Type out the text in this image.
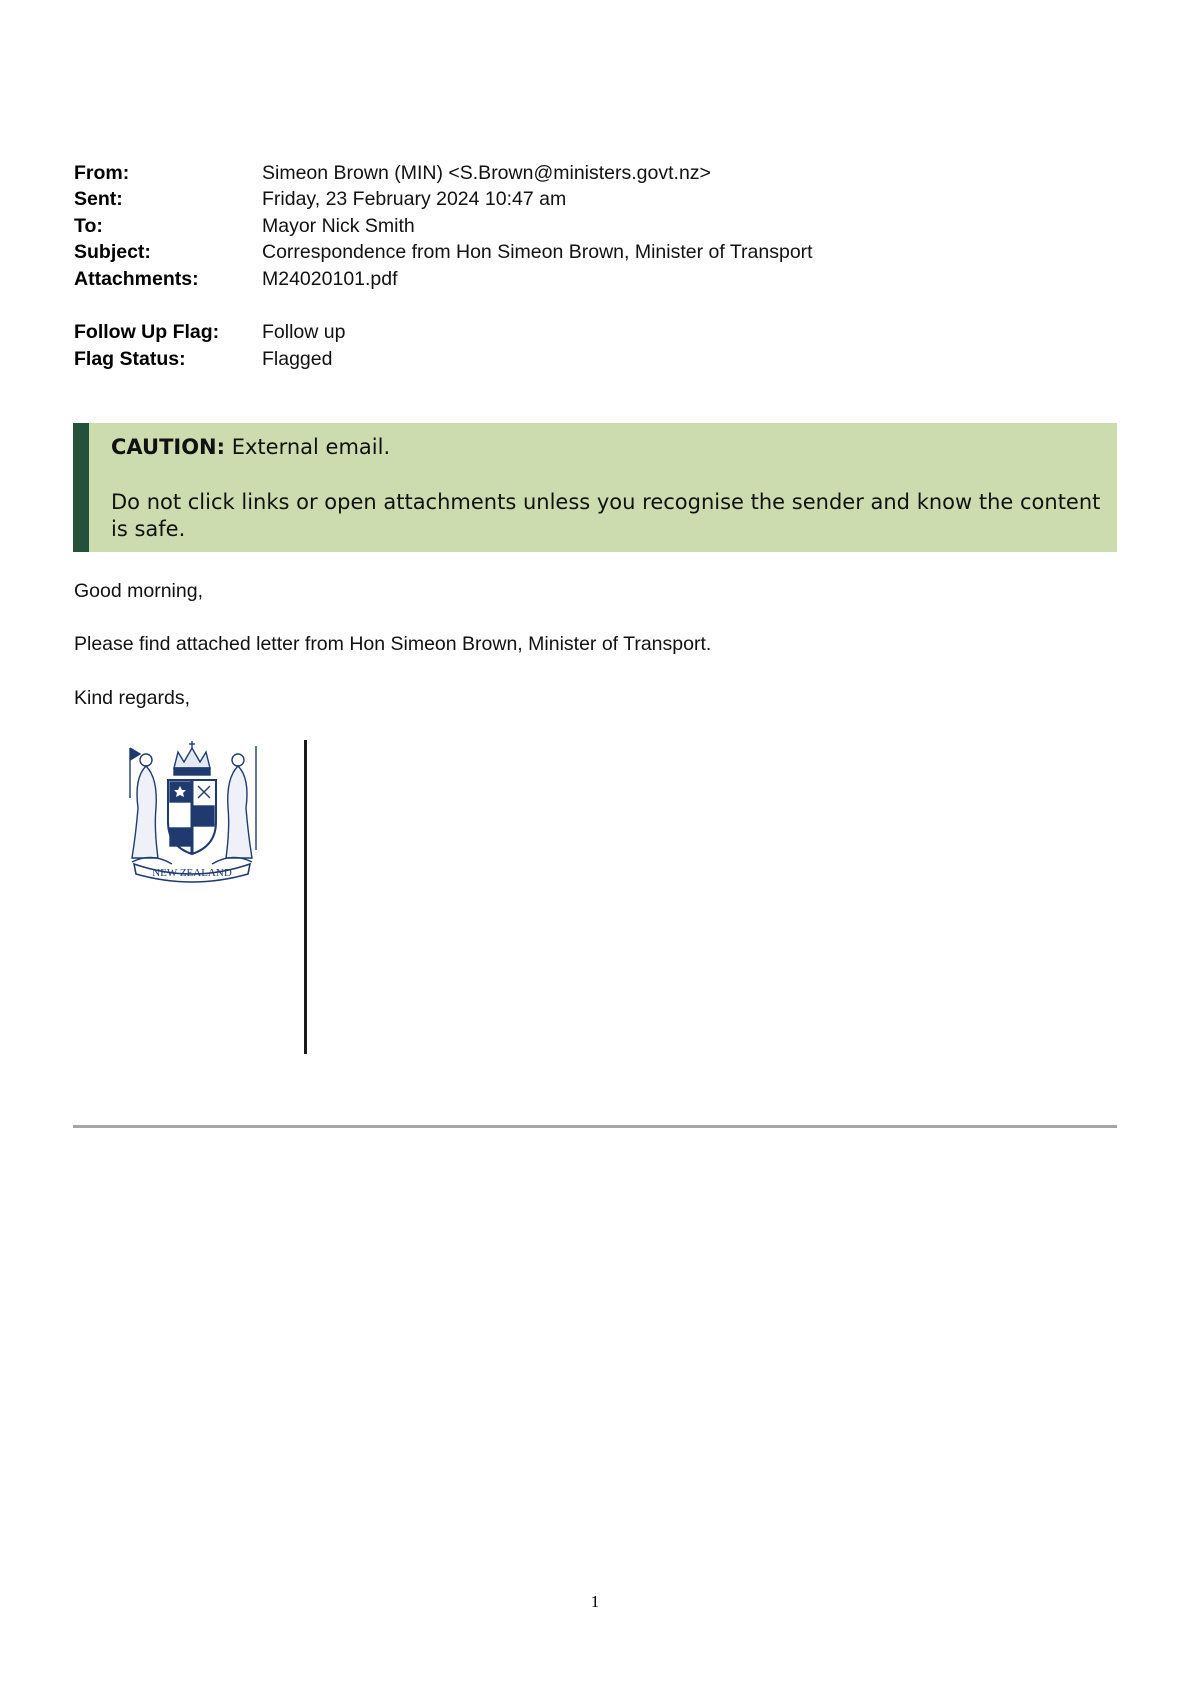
From:	Simeon Brown (MIN) <S.Brown@ministers.govt.nz>
Sent:	Friday, 23 February 2024 10:47 am
To:	Mayor Nick Smith
Subject:	Correspondence from Hon Simeon Brown, Minister of Transport
Attachments:	M24020101.pdf
Follow Up Flag:	Follow up
Flag Status:	Flagged
CAUTION: External email.
Do not click links or open attachments unless you recognise the sender and know the content is safe.
Good morning,
Please find attached letter from Hon Simeon Brown, Minister of Transport.
Kind regards,
NEW ZEALAND
1
